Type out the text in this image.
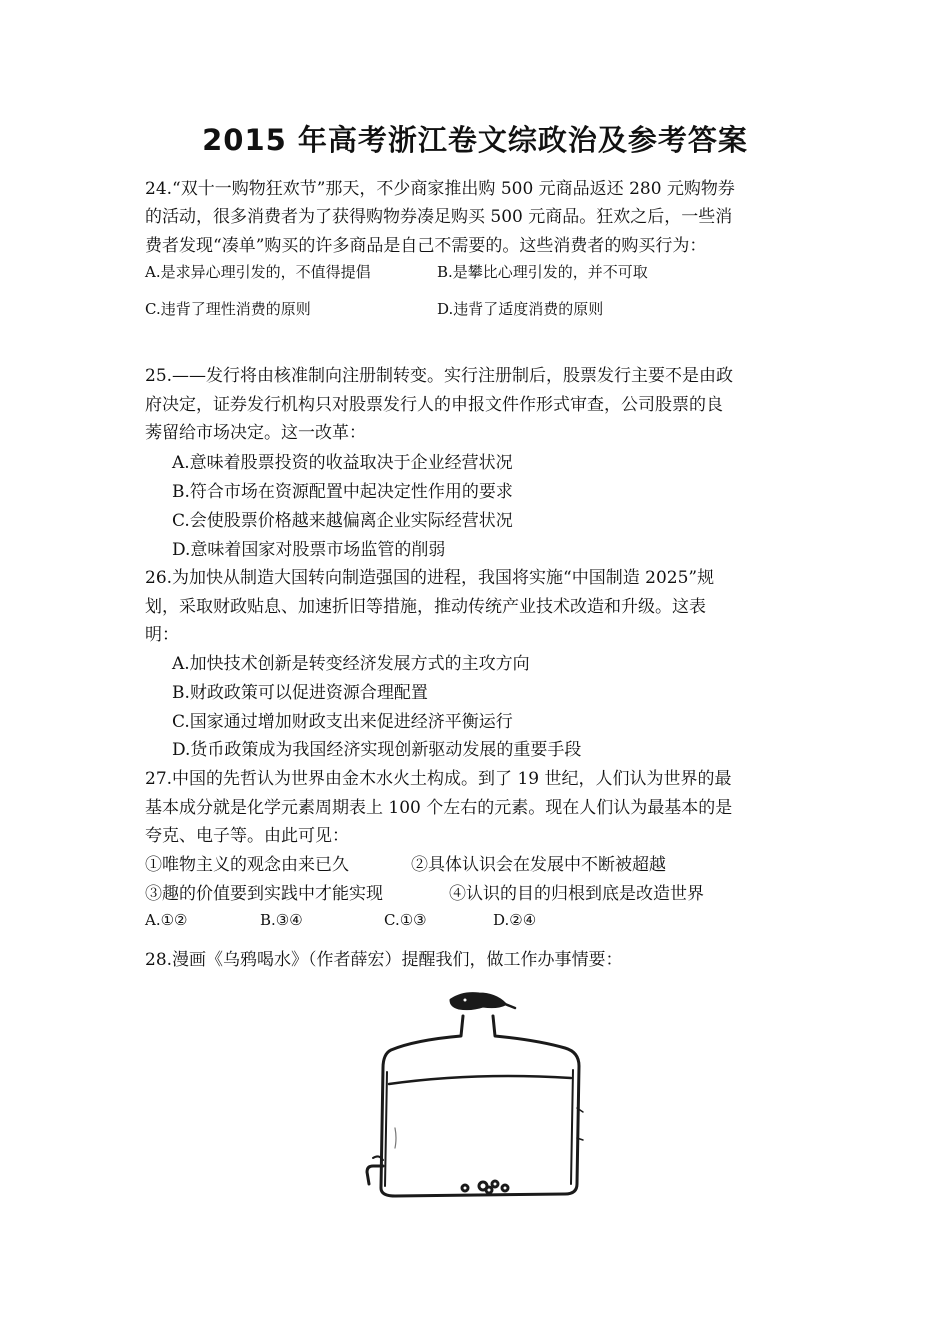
2015 年高考浙江卷文综政治及参考答案
24.“双十一购物狂欢节”那天，不少商家推出购 500 元商品返还 280 元购物券
的活动，很多消费者为了获得购物券凑足购买 500 元商品。狂欢之后，一些消
费者发现“凑单”购买的许多商品是自己不需要的。这些消费者的购买行为：
A.是求异心理引发的，不值得提倡	B.是攀比心理引发的，并不可取
C.违背了理性消费的原则	D.违背了适度消费的原则
25.——发行将由核准制向注册制转变。实行注册制后，股票发行主要不是由政
府决定，证券发行机构只对股票发行人的申报文件作形式审查，公司股票的良
莠留给市场决定。这一改革：
A.意味着股票投资的收益取决于企业经营状况
B.符合市场在资源配置中起决定性作用的要求
C.会使股票价格越来越偏离企业实际经营状况
D.意味着国家对股票市场监管的削弱
26.为加快从制造大国转向制造强国的进程，我国将实施“中国制造 2025”规
划，采取财政贴息、加速折旧等措施，推动传统产业技术改造和升级。这表
明：
A.加快技术创新是转变经济发展方式的主攻方向
B.财政政策可以促进资源合理配置
C.国家通过增加财政支出来促进经济平衡运行
D.货币政策成为我国经济实现创新驱动发展的重要手段
27.中国的先哲认为世界由金木水火土构成。到了 19 世纪，人们认为世界的最
基本成分就是化学元素周期表上 100 个左右的元素。现在人们认为最基本的是
夸克、电子等。由此可见：
①唯物主义的观念由来已久	②具体认识会在发展中不断被超越
③趣的价值要到实践中才能实现	④认识的目的归根到底是改造世界
A.①②	B.③④	C.①③	D.②④
28.漫画《乌鸦喝水》（作者薛宏）提醒我们，做工作办事情要：
